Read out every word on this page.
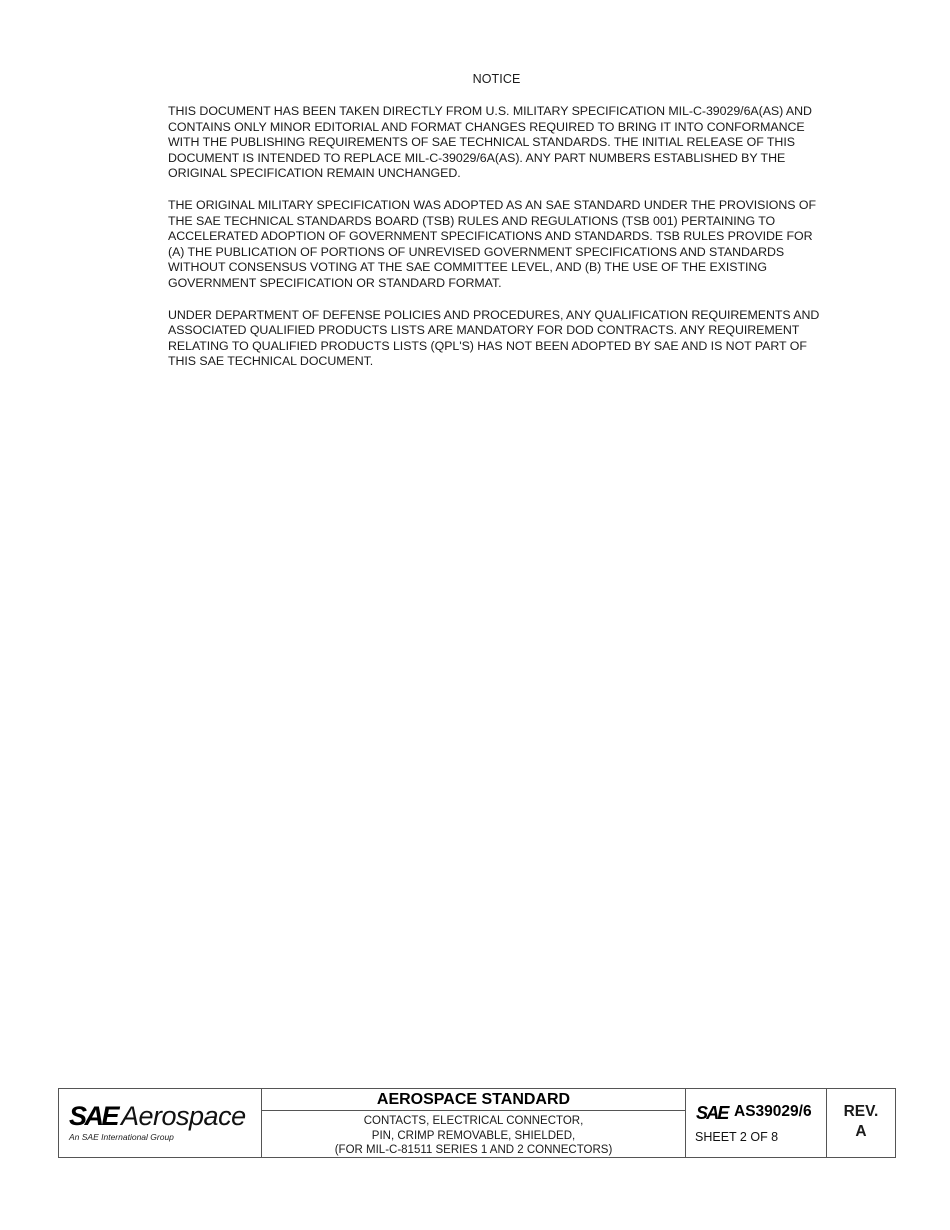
NOTICE

THIS DOCUMENT HAS BEEN TAKEN DIRECTLY FROM U.S. MILITARY SPECIFICATION MIL-C-39029/6A(AS) AND
CONTAINS ONLY MINOR EDITORIAL AND FORMAT CHANGES REQUIRED TO BRING IT INTO CONFORMANCE
WITH THE PUBLISHING REQUIREMENTS OF SAE TECHNICAL STANDARDS. THE INITIAL RELEASE OF THIS
DOCUMENT IS INTENDED TO REPLACE MIL-C-39029/6A(AS). ANY PART NUMBERS ESTABLISHED BY THE
ORIGINAL SPECIFICATION REMAIN UNCHANGED.

THE ORIGINAL MILITARY SPECIFICATION WAS ADOPTED AS AN SAE STANDARD UNDER THE PROVISIONS OF
THE SAE TECHNICAL STANDARDS BOARD (TSB) RULES AND REGULATIONS (TSB 001) PERTAINING TO
ACCELERATED ADOPTION OF GOVERNMENT SPECIFICATIONS AND STANDARDS. TSB RULES PROVIDE FOR
(A) THE PUBLICATION OF PORTIONS OF UNREVISED GOVERNMENT SPECIFICATIONS AND STANDARDS
WITHOUT CONSENSUS VOTING AT THE SAE COMMITTEE LEVEL, AND (B) THE USE OF THE EXISTING
GOVERNMENT SPECIFICATION OR STANDARD FORMAT.

UNDER DEPARTMENT OF DEFENSE POLICIES AND PROCEDURES, ANY QUALIFICATION REQUIREMENTS AND
ASSOCIATED QUALIFIED PRODUCTS LISTS ARE MANDATORY FOR DOD CONTRACTS. ANY REQUIREMENT
RELATING TO QUALIFIED PRODUCTS LISTS (QPL'S) HAS NOT BEEN ADOPTED BY SAE AND IS NOT PART OF
THIS SAE TECHNICAL DOCUMENT.

SAE Aerospace
An SAE International Group
AEROSPACE STANDARD
CONTACTS, ELECTRICAL CONNECTOR,
PIN, CRIMP REMOVABLE, SHIELDED,
(FOR MIL-C-81511 SERIES 1 AND 2 CONNECTORS)
SAE AS39029/6
SHEET 2 OF 8
REV.
A
